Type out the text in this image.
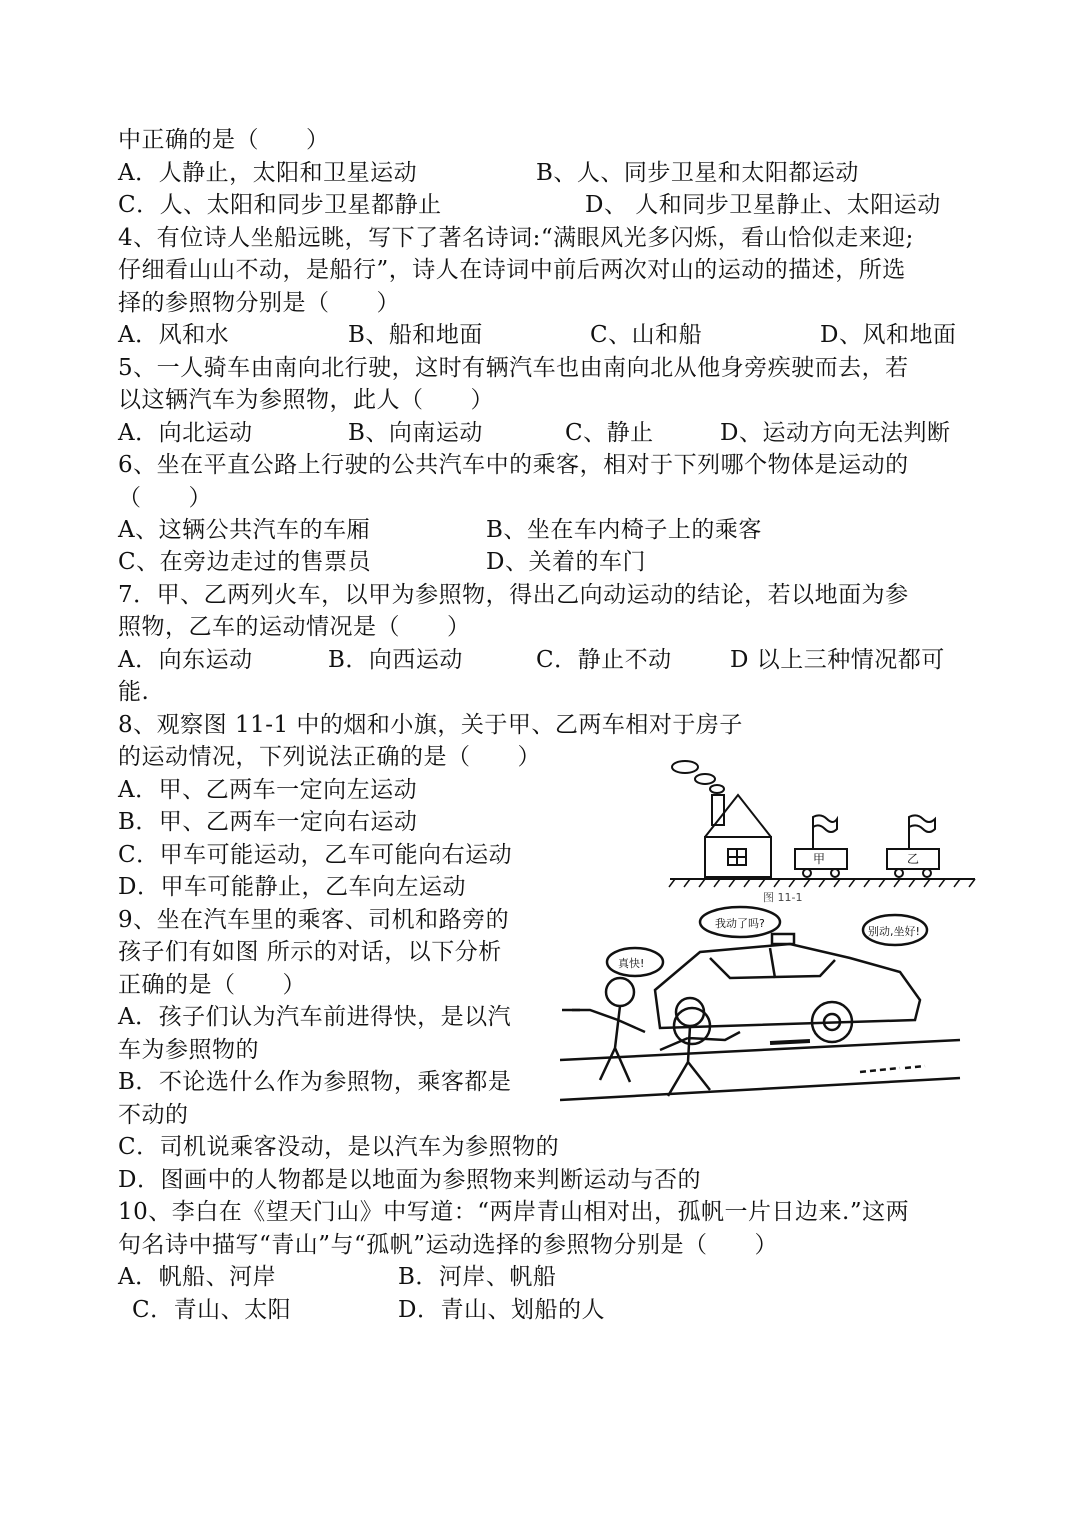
中正确的是（　　）
A．人静止，太阳和卫星运动	B、人、同步卫星和太阳都运动
C．人、太阳和同步卫星都静止	D、 人和同步卫星静止、太阳运动
4、有位诗人坐船远眺，写下了著名诗词:“满眼风光多闪烁，看山恰似走来迎;
仔细看山山不动，是船行”，诗人在诗词中前后两次对山的运动的描述，所选
择的参照物分别是（　　）
A．风和水	B、船和地面	C、山和船	D、风和地面
5、一人骑车由南向北行驶，这时有辆汽车也由南向北从他身旁疾驶而去，若
以这辆汽车为参照物，此人（　　）
A．向北运动	B、向南运动	C、静止	D、运动方向无法判断
6、坐在平直公路上行驶的公共汽车中的乘客，相对于下列哪个物体是运动的
（　　）
A、这辆公共汽车的车厢	B、坐在车内椅子上的乘客
C、在旁边走过的售票员	D、关着的车门
7．甲、乙两列火车，以甲为参照物，得出乙向动运动的结论，若以地面为参
照物，乙车的运动情况是（　　）
A．向东运动	B．向西运动	C．静止不动	D 以上三种情况都可
能.
8、观察图 11-1 中的烟和小旗，关于甲、乙两车相对于房子
的运动情况，下列说法正确的是（　　）
A．甲、乙两车一定向左运动
B．甲、乙两车一定向右运动
C．甲车可能运动，乙车可能向右运动
D．甲车可能静止，乙车向左运动
甲	乙
图 11-1
9、坐在汽车里的乘客、司机和路旁的
孩子们有如图 所示的对话，以下分析
正确的是（　　）
A．孩子们认为汽车前进得快，是以汽
车为参照物的
B．不论选什么作为参照物，乘客都是
不动的
C．司机说乘客没动，是以汽车为参照物的
D．图画中的人物都是以地面为参照物来判断运动与否的
真快!
我动了吗?
别动,坐好!
10、李白在《望天门山》中写道：“两岸青山相对出，孤帆一片日边来.”这两
句名诗中描写“青山”与“孤帆”运动选择的参照物分别是（　　）
A．帆船、河岸	B．河岸、帆船
C．青山、太阳	D．青山、划船的人
